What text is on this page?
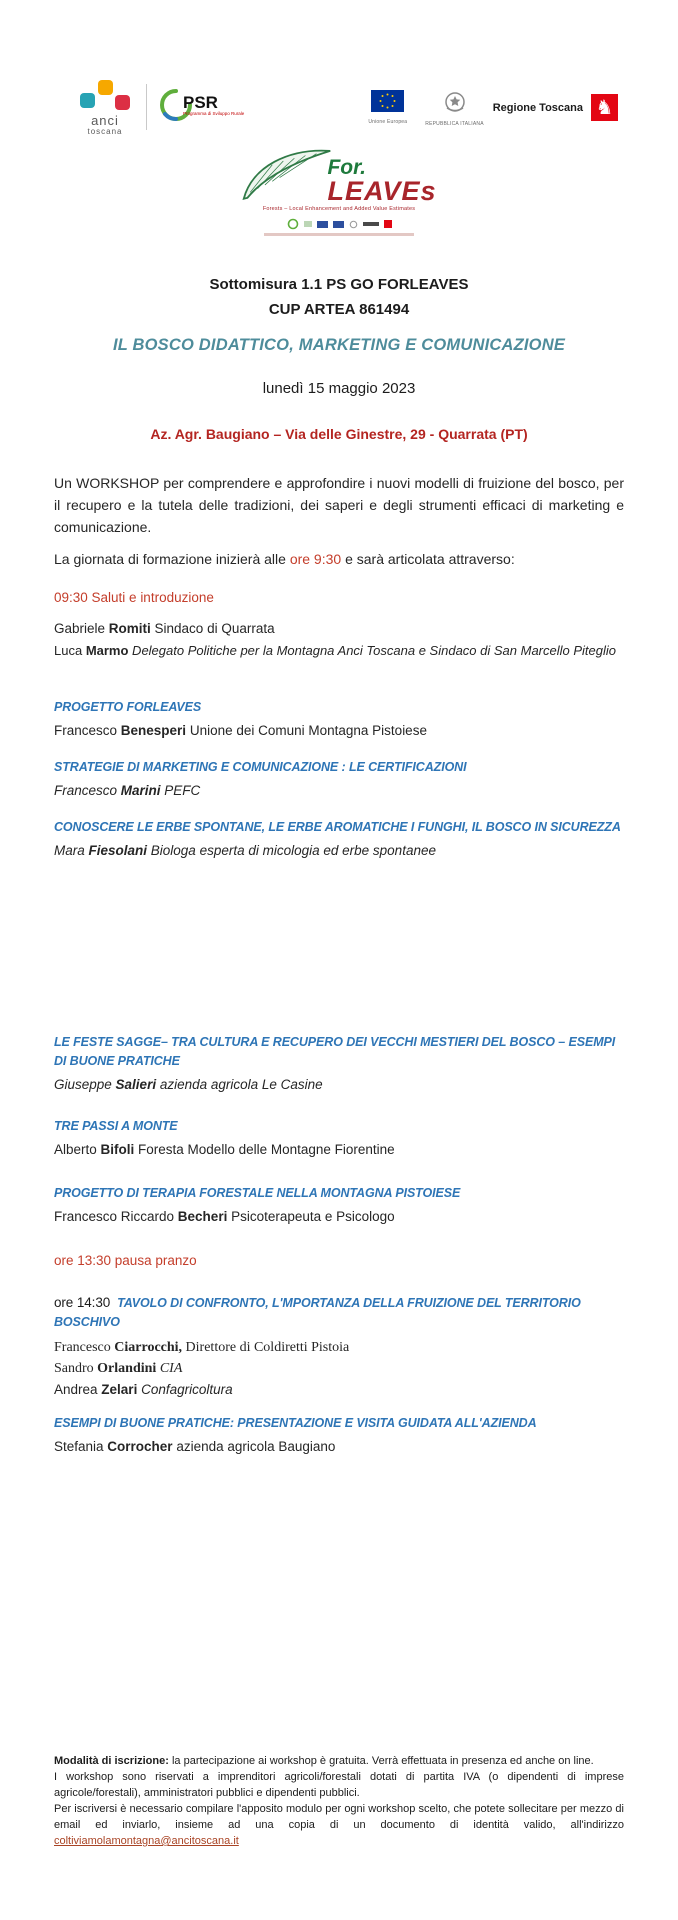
anci
toscana
PSR
Programma di Sviluppo Rurale
Unione Europea	REPUBBLICA ITALIANA
Regione Toscana ♞
For.
LEAVEs
Forests – Local Enhancement and Added Value Estimates

Sottomisura 1.1 PS GO FORLEAVES

CUP ARTEA 861494

IL BOSCO DIDATTICO, MARKETING E COMUNICAZIONE

lunedì 15 maggio 2023

Az. Agr. Baugiano – Via delle Ginestre, 29 - Quarrata (PT)

Un WORKSHOP per comprendere e approfondire i nuovi modelli di fruizione del bosco, per il recupero e la tutela delle tradizioni, dei saperi e degli strumenti efficaci di marketing e comunicazione.

La giornata di formazione inizierà alle ore 9:30 e sarà articolata attraverso:

09:30 Saluti e introduzione

Gabriele Romiti Sindaco di Quarrata
Luca Marmo Delegato Politiche per la Montagna Anci Toscana e Sindaco di San Marcello Piteglio

PROGETTO FORLEAVES

Francesco Benesperi Unione dei Comuni Montagna Pistoiese

STRATEGIE DI MARKETING E COMUNICAZIONE : LE CERTIFICAZIONI

Francesco Marini PEFC

CONOSCERE LE ERBE SPONTANE, LE ERBE AROMATICHE I FUNGHI, IL BOSCO IN SICUREZZA

Mara Fiesolani Biologa esperta di micologia ed erbe spontanee

LE FESTE SAGGE– TRA CULTURA E RECUPERO DEI VECCHI MESTIERI DEL BOSCO – ESEMPI DI BUONE PRATICHE

Giuseppe Salieri azienda agricola Le Casine

TRE PASSI A MONTE

Alberto Bifoli Foresta Modello delle Montagne Fiorentine

PROGETTO DI TERAPIA FORESTALE NELLA MONTAGNA PISTOIESE

Francesco Riccardo Becheri Psicoterapeuta e Psicologo

ore 13:30 pausa pranzo

ore 14:30 TAVOLO DI CONFRONTO, L'MPORTANZA DELLA FRUIZIONE DEL TERRITORIO BOSCHIVO

Francesco Ciarrocchi, Direttore di Coldiretti Pistoia

Sandro Orlandini CIA

Andrea Zelari Confagricoltura

ESEMPI DI BUONE PRATICHE: PRESENTAZIONE E VISITA GUIDATA ALL'AZIENDA

Stefania Corrocher azienda agricola Baugiano

Modalità di iscrizione: la partecipazione ai workshop è gratuita. Verrà effettuata in presenza ed anche on line.

I workshop sono riservati a imprenditori agricoli/forestali dotati di partita IVA (o dipendenti di imprese agricole/forestali), amministratori pubblici e dipendenti pubblici.

Per iscriversi è necessario compilare l'apposito modulo per ogni workshop scelto, che potete sollecitare per mezzo di email ed inviarlo, insieme ad una copia di un documento di identità valido, all'indirizzo coltiviamolamontagna@ancitoscana.it
